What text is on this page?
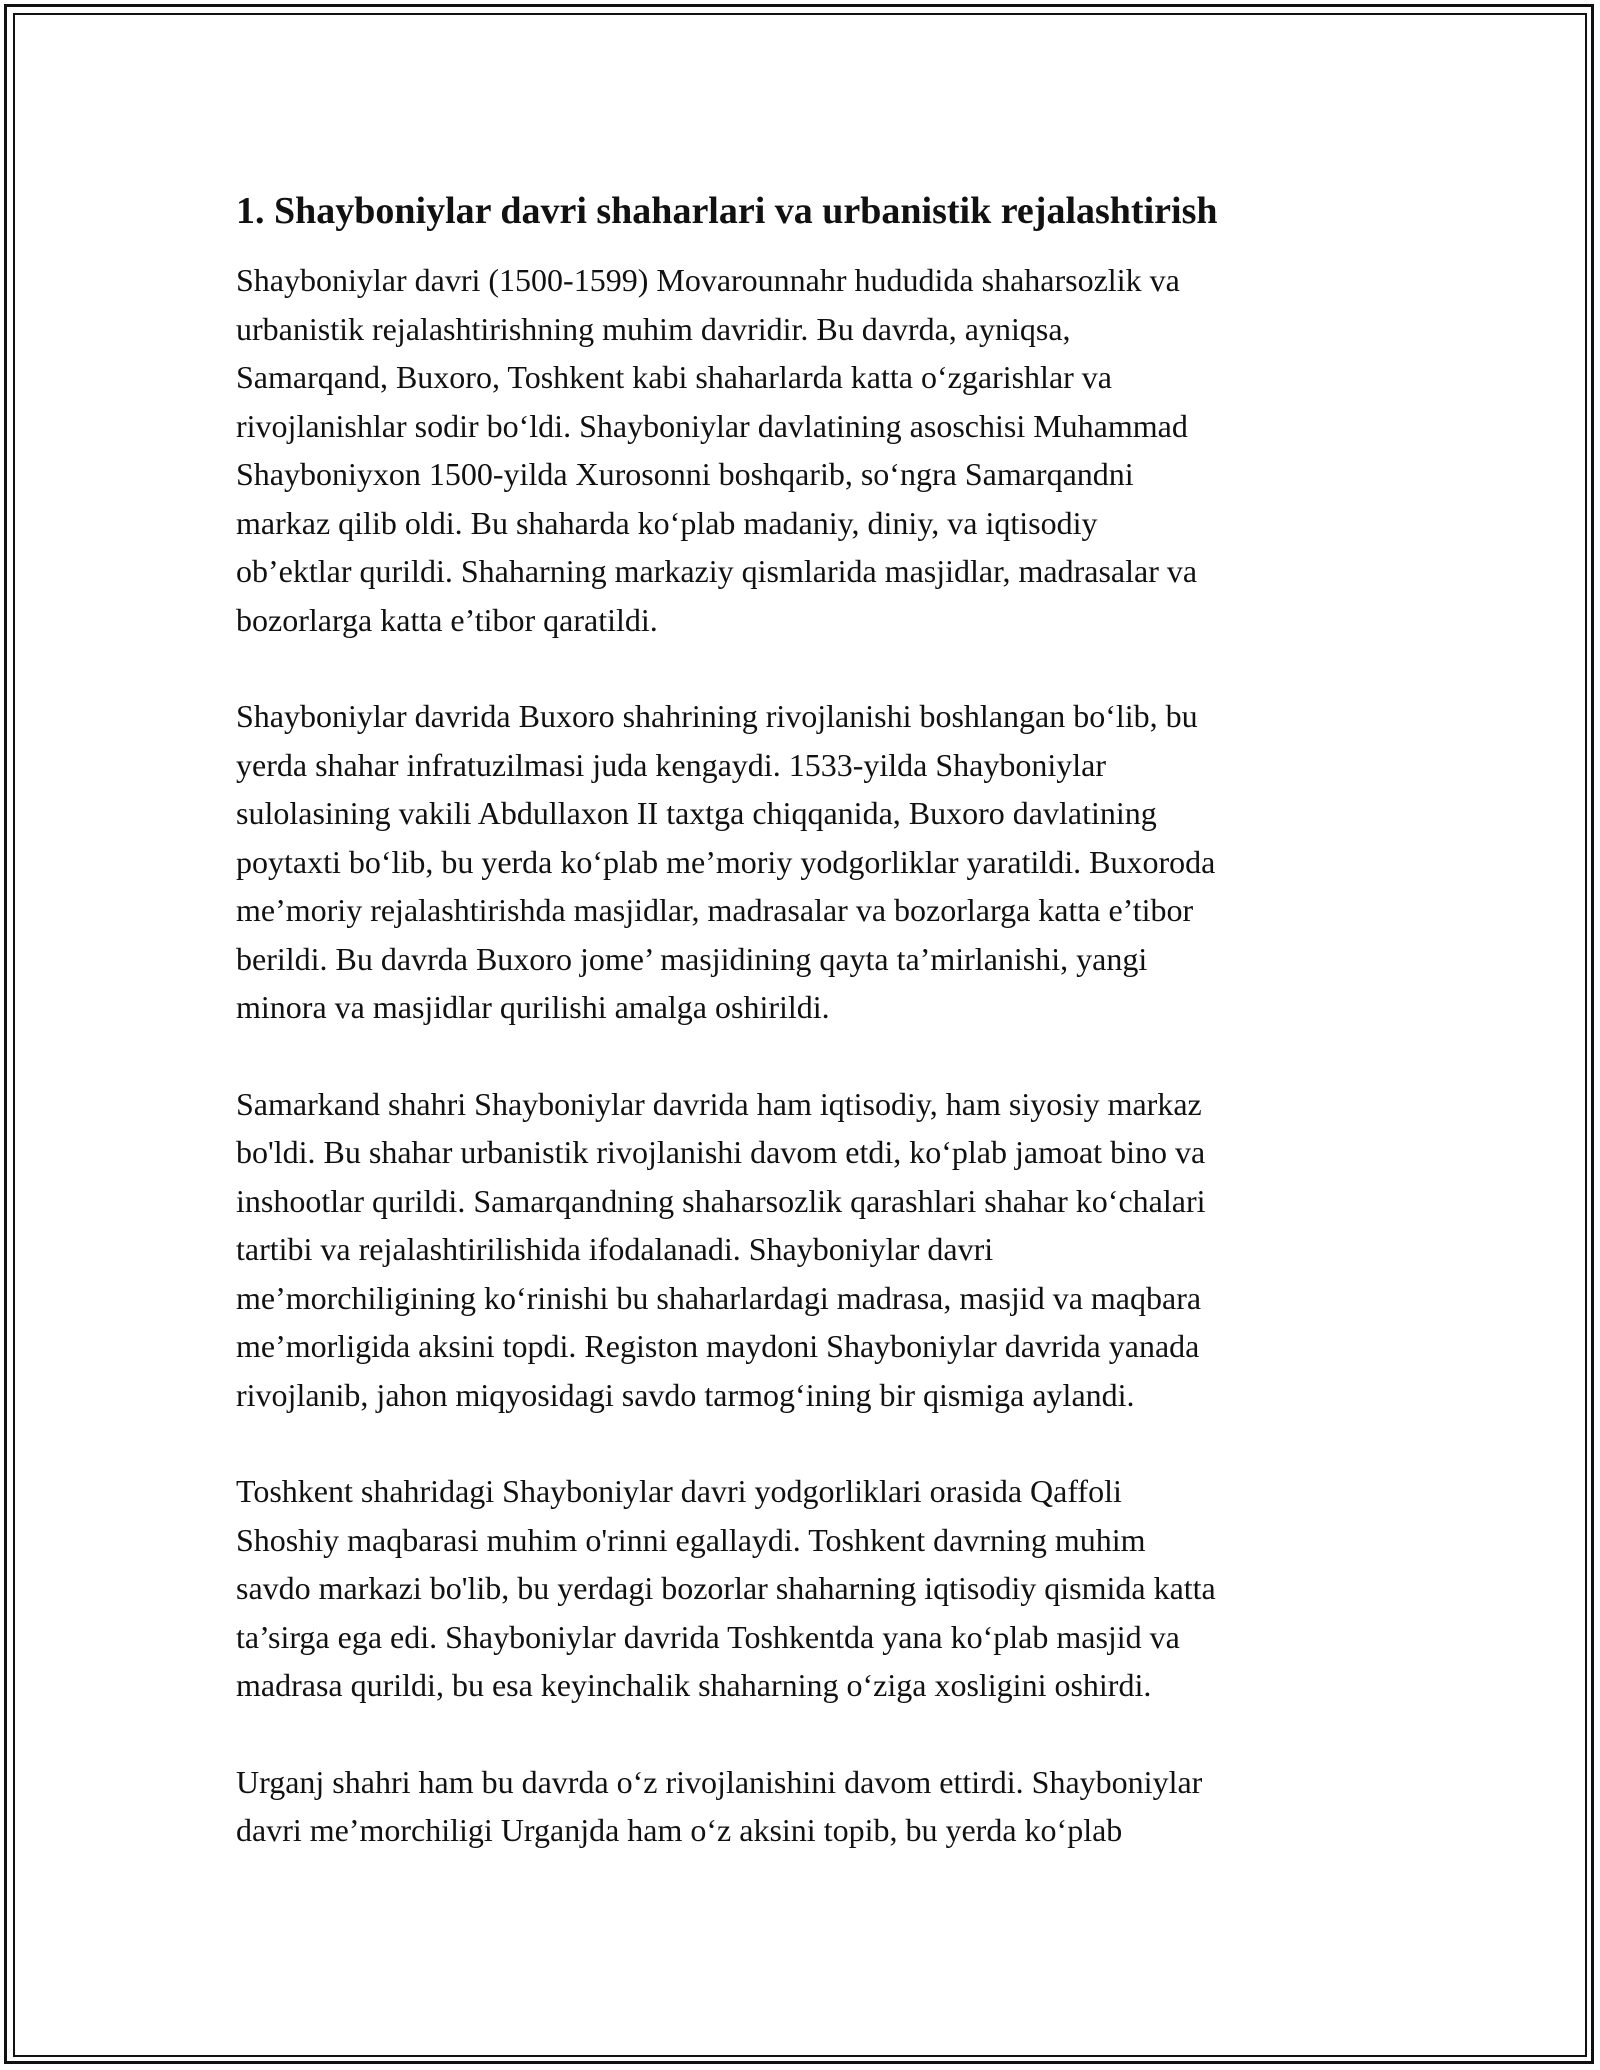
1. Shayboniylar davri shaharlari va urbanistik rejalashtirish

Shayboniylar davri (1500-1599) Movarounnahr hududida shaharsozlik va
urbanistik rejalashtirishning muhim davridir. Bu davrda, ayniqsa,
Samarqand, Buxoro, Toshkent kabi shaharlarda katta o‘zgarishlar va
rivojlanishlar sodir bo‘ldi. Shayboniylar davlatining asoschisi Muhammad
Shayboniyxon 1500-yilda Xurosonni boshqarib, so‘ngra Samarqandni
markaz qilib oldi. Bu shaharda ko‘plab madaniy, diniy, va iqtisodiy
ob’ektlar qurildi. Shaharning markaziy qismlarida masjidlar, madrasalar va
bozorlarga katta e’tibor qaratildi.

Shayboniylar davrida Buxoro shahrining rivojlanishi boshlangan bo‘lib, bu
yerda shahar infratuzilmasi juda kengaydi. 1533-yilda Shayboniylar
sulolasining vakili Abdullaxon II taxtga chiqqanida, Buxoro davlatining
poytaxti bo‘lib, bu yerda ko‘plab me’moriy yodgorliklar yaratildi. Buxoroda
me’moriy rejalashtirishda masjidlar, madrasalar va bozorlarga katta e’tibor
berildi. Bu davrda Buxoro jome’ masjidining qayta ta’mirlanishi, yangi
minora va masjidlar qurilishi amalga oshirildi.

Samarkand shahri Shayboniylar davrida ham iqtisodiy, ham siyosiy markaz
bo'ldi. Bu shahar urbanistik rivojlanishi davom etdi, ko‘plab jamoat bino va
inshootlar qurildi. Samarqandning shaharsozlik qarashlari shahar ko‘chalari
tartibi va rejalashtirilishida ifodalanadi. Shayboniylar davri
me’morchiligining ko‘rinishi bu shaharlardagi madrasa, masjid va maqbara
me’morligida aksini topdi. Registon maydoni Shayboniylar davrida yanada
rivojlanib, jahon miqyosidagi savdo tarmog‘ining bir qismiga aylandi.

Toshkent shahridagi Shayboniylar davri yodgorliklari orasida Qaffoli
Shoshiy maqbarasi muhim o'rinni egallaydi. Toshkent davrning muhim
savdo markazi bo'lib, bu yerdagi bozorlar shaharning iqtisodiy qismida katta
ta’sirga ega edi. Shayboniylar davrida Toshkentda yana ko‘plab masjid va
madrasa qurildi, bu esa keyinchalik shaharning o‘ziga xosligini oshirdi.

Urganj shahri ham bu davrda o‘z rivojlanishini davom ettirdi. Shayboniylar
davri me’morchiligi Urganjda ham o‘z aksini topib, bu yerda ko‘plab
